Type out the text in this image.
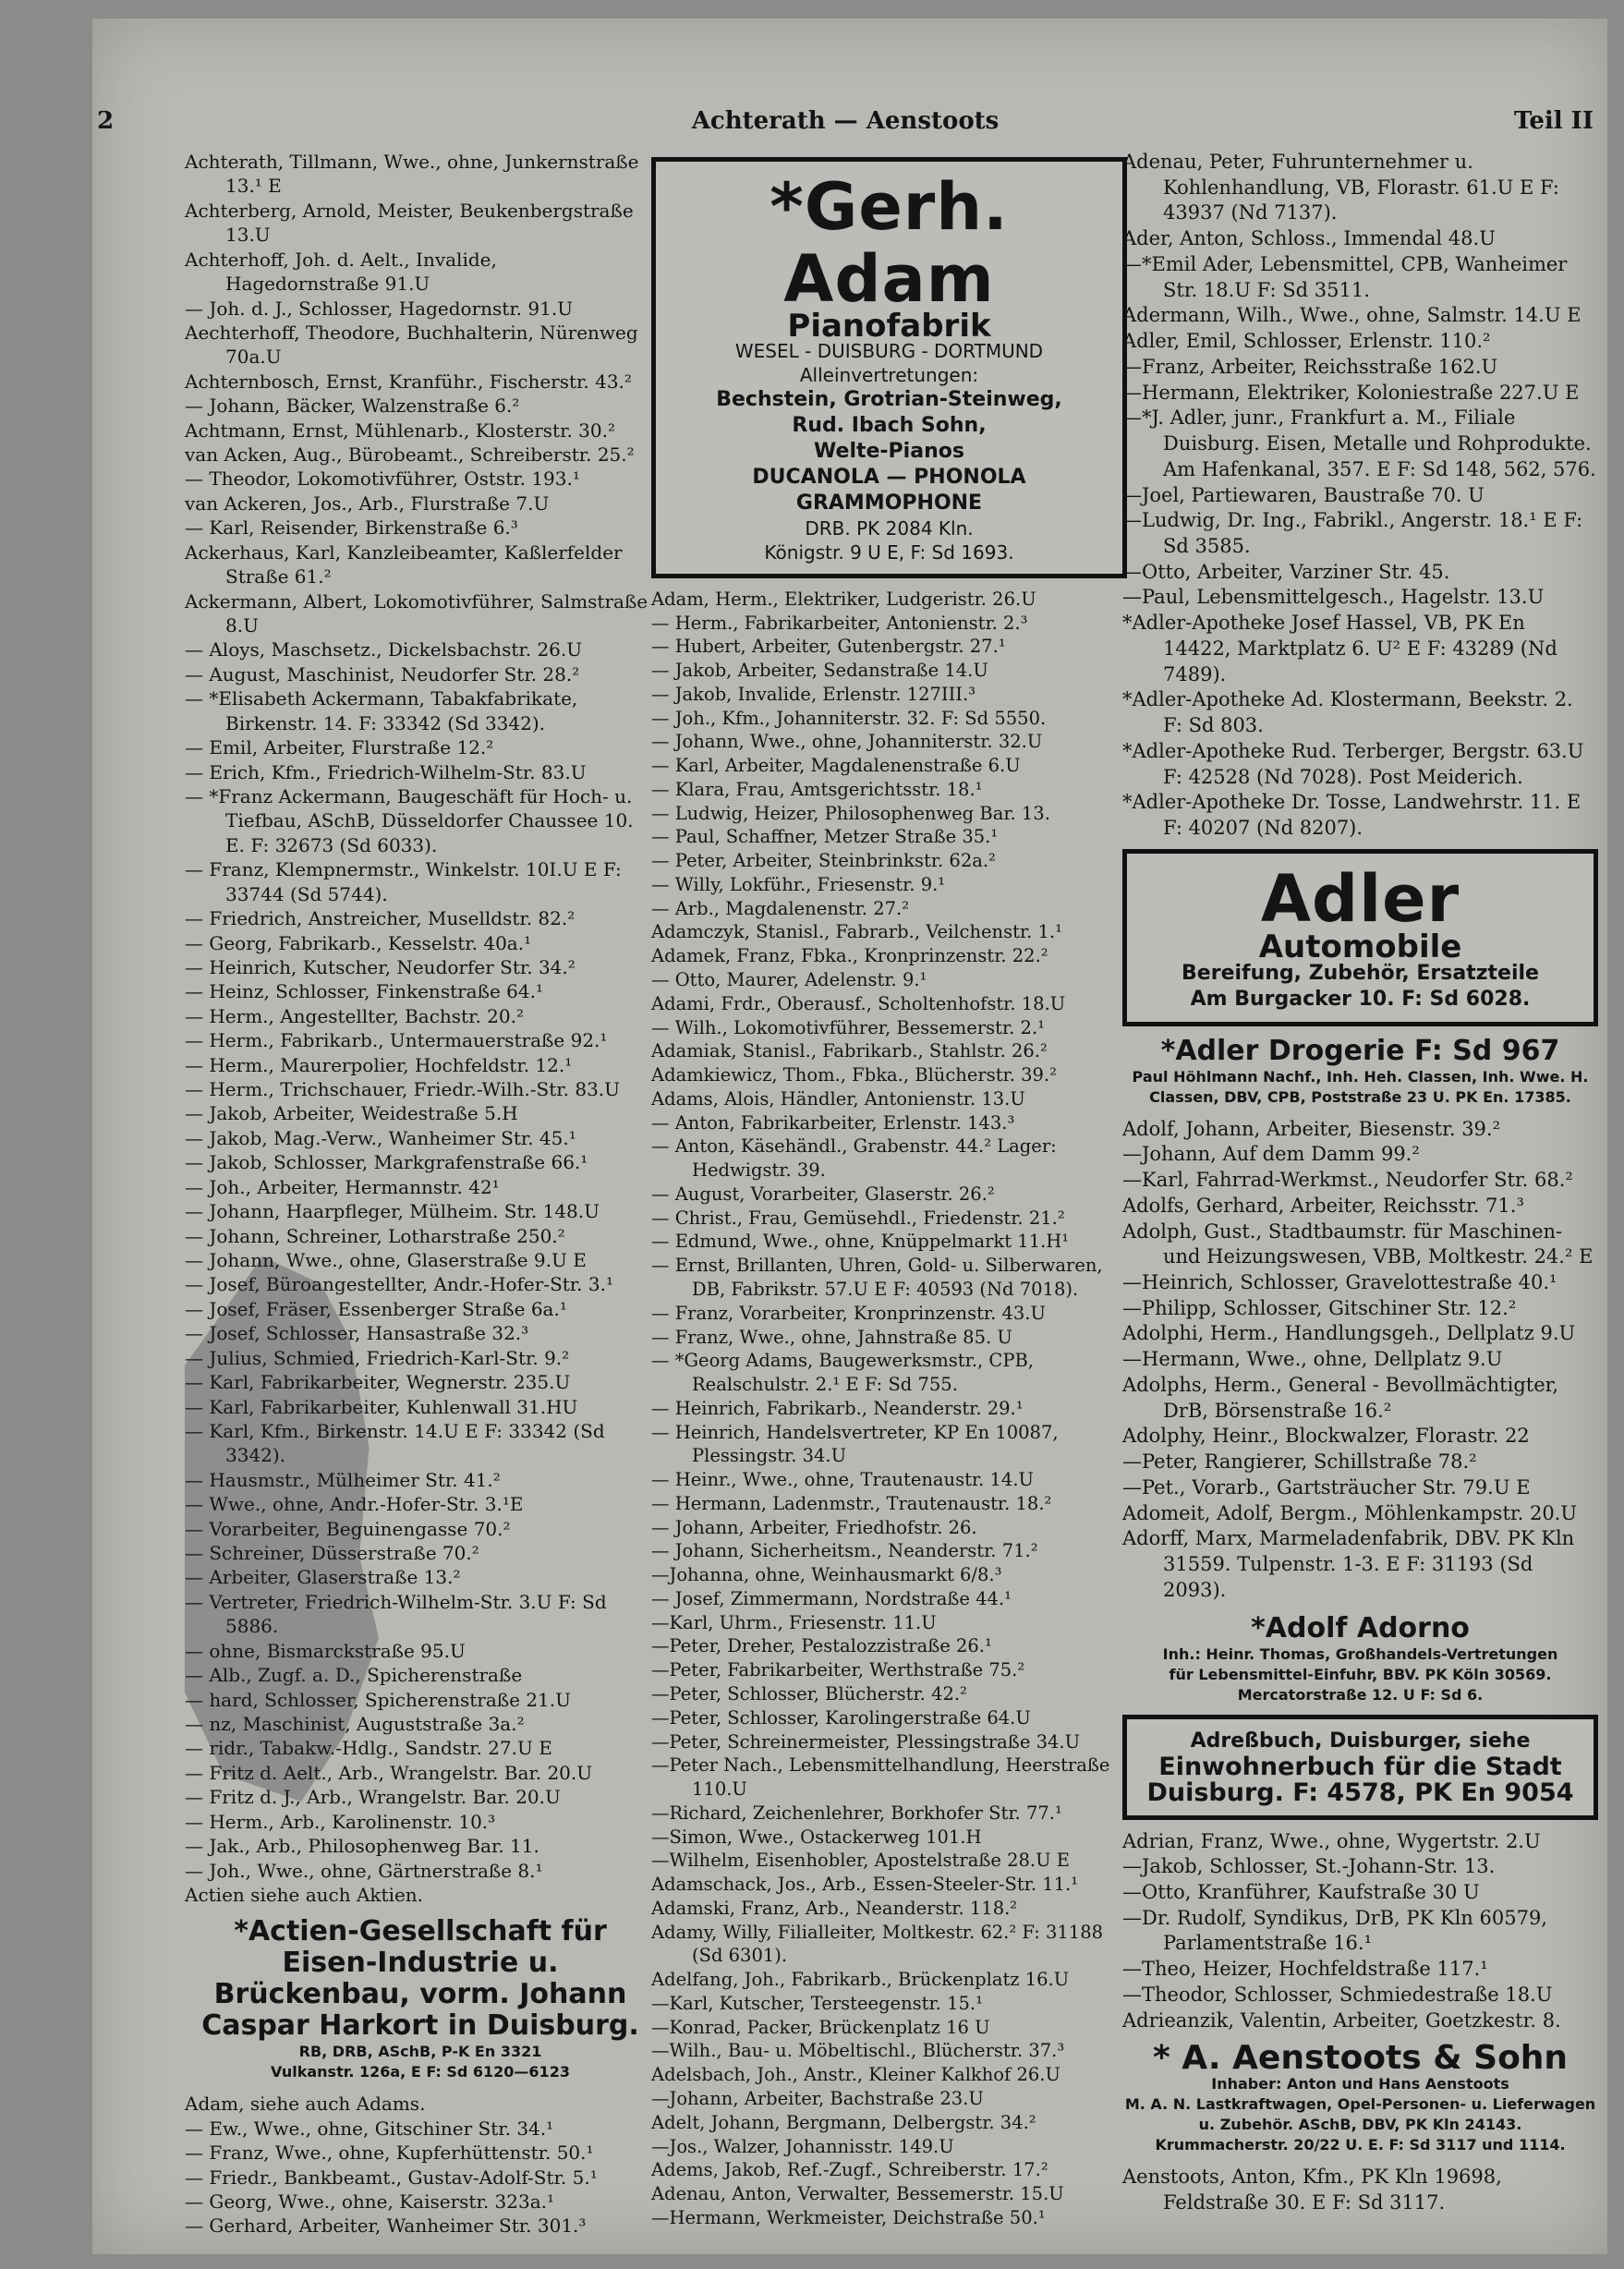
2	Achterath — Aenstoots	Teil II
Achterath, Tillmann, Wwe., ohne, Junkernstraße 13.¹ E
Achterberg, Arnold, Meister, Beukenbergstraße 13.U
Achterhoff, Joh. d. Aelt., Invalide, Hagedornstraße 91.U
— Joh. d. J., Schlosser, Hagedornstr. 91.U
Aechterhoff, Theodore, Buchhalterin, Nürenweg 70a.U
Achternbosch, Ernst, Kranführ., Fischerstr. 43.²
— Johann, Bäcker, Walzenstraße 6.²
Achtmann, Ernst, Mühlenarb., Klosterstr. 30.²
van Acken, Aug., Bürobeamt., Schreiberstr. 25.²
— Theodor, Lokomotivführer, Oststr. 193.¹
van Ackeren, Jos., Arb., Flurstraße 7.U
— Karl, Reisender, Birkenstraße 6.³
Ackerhaus, Karl, Kanzleibeamter, Kaßlerfelder Straße 61.²
Ackermann, Albert, Lokomotivführer, Salmstraße 8.U
— Aloys, Maschsetz., Dickelsbachstr. 26.U
— August, Maschinist, Neudorfer Str. 28.²
— *Elisabeth Ackermann, Tabakfabrikate, Birkenstr. 14. F: 33342 (Sd 3342).
— Emil, Arbeiter, Flurstraße 12.²
— Erich, Kfm., Friedrich-Wilhelm-Str. 83.U
— *Franz Ackermann, Baugeschäft für Hoch- u. Tiefbau, ASchB, Düsseldorfer Chaussee 10. E. F: 32673 (Sd 6033).
— Franz, Klempnermstr., Winkelstr. 10I.U E F: 33744 (Sd 5744).
— Friedrich, Anstreicher, Muselldstr. 82.²
— Georg, Fabrikarb., Kesselstr. 40a.¹
— Heinrich, Kutscher, Neudorfer Str. 34.²
— Heinz, Schlosser, Finkenstraße 64.¹
— Herm., Angestellter, Bachstr. 20.²
— Herm., Fabrikarb., Untermauerstraße 92.¹
— Herm., Maurerpolier, Hochfeldstr. 12.¹
— Herm., Trichschauer, Friedr.-Wilh.-Str. 83.U
— Jakob, Arbeiter, Weidestraße 5.H
— Jakob, Mag.-Verw., Wanheimer Str. 45.¹
— Jakob, Schlosser, Markgrafenstraße 66.¹
— Joh., Arbeiter, Hermannstr. 42¹
— Johann, Haarpfleger, Mülheim. Str. 148.U
— Johann, Schreiner, Lotharstraße 250.²
— Johann, Wwe., ohne, Glaserstraße 9.U E
— Josef, Büroangestellter, Andr.-Hofer-Str. 3.¹
— Josef, Fräser, Essenberger Straße 6a.¹
— Josef, Schlosser, Hansastraße 32.³
— Julius, Schmied, Friedrich-Karl-Str. 9.²
— Karl, Fabrikarbeiter, Wegnerstr. 235.U
— Karl, Fabrikarbeiter, Kuhlenwall 31.HU
— Karl, Kfm., Birkenstr. 14.U E F: 33342 (Sd 3342).
— Hausmstr., Mülheimer Str. 41.²
— Wwe., ohne, Andr.-Hofer-Str. 3.¹E
— Vorarbeiter, Beguinengasse 70.²
— Schreiner, Düsserstraße 70.²
— Arbeiter, Glaserstraße 13.²
— Vertreter, Friedrich-Wilhelm-Str. 3.U F: Sd 5886.
— ohne, Bismarckstraße 95.U
— Alb., Zugf. a. D., Spicherenstraße
— hard, Schlosser, Spicherenstraße 21.U
— nz, Maschinist, Auguststraße 3a.²
— ridr., Tabakw.-Hdlg., Sandstr. 27.U E
— Fritz d. Aelt., Arb., Wrangelstr. Bar. 20.U
— Fritz d. J., Arb., Wrangelstr. Bar. 20.U
— Herm., Arb., Karolinenstr. 10.³
— Jak., Arb., Philosophenweg Bar. 11.
— Joh., Wwe., ohne, Gärtnerstraße 8.¹
Actien siehe auch Aktien.
*Actien-Gesellschaft für Eisen-Industrie u. Brückenbau, vorm. Johann Caspar Harkort in Duisburg.
RB, DRB, ASchB, P-K En 3321
Vulkanstr. 126a, E F: Sd 6120—6123
Adam, siehe auch Adams.
— Ew., Wwe., ohne, Gitschiner Str. 34.¹
— Franz, Wwe., ohne, Kupferhüttenstr. 50.¹
— Friedr., Bankbeamt., Gustav-Adolf-Str. 5.¹
— Georg, Wwe., ohne, Kaiserstr. 323a.¹
— Gerhard, Arbeiter, Wanheimer Str. 301.³
*Gerh. Adam
Pianofabrik
WESEL - DUISBURG - DORTMUND
Alleinvertretungen:
Bechstein, Grotrian-Steinweg,
Rud. Ibach Sohn,
Welte-Pianos
DUCANOLA — PHONOLA
GRAMMOPHONE
DRB. PK 2084 Kln.
Königstr. 9 U E, F: Sd 1693.
Adam, Herm., Elektriker, Ludgeristr. 26.U
— Herm., Fabrikarbeiter, Antonienstr. 2.³
— Hubert, Arbeiter, Gutenbergstr. 27.¹
— Jakob, Arbeiter, Sedanstraße 14.U
— Jakob, Invalide, Erlenstr. 127III.³
— Joh., Kfm., Johanniterstr. 32. F: Sd 5550.
— Johann, Wwe., ohne, Johanniterstr. 32.U
— Karl, Arbeiter, Magdalenenstraße 6.U
— Klara, Frau, Amtsgerichtsstr. 18.¹
— Ludwig, Heizer, Philosophenweg Bar. 13.
— Paul, Schaffner, Metzer Straße 35.¹
— Peter, Arbeiter, Steinbrinkstr. 62a.²
— Willy, Lokführ., Friesenstr. 9.¹
— Arb., Magdalenenstr. 27.²
Adamczyk, Stanisl., Fabrarb., Veilchenstr. 1.¹
Adamek, Franz, Fbka., Kronprinzenstr. 22.²
— Otto, Maurer, Adelenstr. 9.¹
Adami, Frdr., Oberausf., Scholtenhofstr. 18.U
— Wilh., Lokomotivführer, Bessemerstr. 2.¹
Adamiak, Stanisl., Fabrikarb., Stahlstr. 26.²
Adamkiewicz, Thom., Fbka., Blücherstr. 39.²
Adams, Alois, Händler, Antonienstr. 13.U
— Anton, Fabrikarbeiter, Erlenstr. 143.³
— Anton, Käsehändl., Grabenstr. 44.² Lager: Hedwigstr. 39.
— August, Vorarbeiter, Glaserstr. 26.²
— Christ., Frau, Gemüsehdl., Friedenstr. 21.²
— Edmund, Wwe., ohne, Knüppelmarkt 11.H¹
— Ernst, Brillanten, Uhren, Gold- u. Silberwaren, DB, Fabrikstr. 57.U E F: 40593 (Nd 7018).
— Franz, Vorarbeiter, Kronprinzenstr. 43.U
— Franz, Wwe., ohne, Jahnstraße 85. U
— *Georg Adams, Baugewerksmstr., CPB, Realschulstr. 2.¹ E F: Sd 755.
— Heinrich, Fabrikarb., Neanderstr. 29.¹
— Heinrich, Handelsvertreter, KP En 10087, Plessingstr. 34.U
— Heinr., Wwe., ohne, Trautenaustr. 14.U
— Hermann, Ladenmstr., Trautenaustr. 18.²
— Johann, Arbeiter, Friedhofstr. 26.
— Johann, Sicherheitsm., Neanderstr. 71.²
—Johanna, ohne, Weinhausmarkt 6/8.³
— Josef, Zimmermann, Nordstraße 44.¹
—Karl, Uhrm., Friesenstr. 11.U
—Peter, Dreher, Pestalozzistraße 26.¹
—Peter, Fabrikarbeiter, Werthstraße 75.²
—Peter, Schlosser, Blücherstr. 42.²
—Peter, Schlosser, Karolingerstraße 64.U
—Peter, Schreinermeister, Plessingstraße 34.U
—Peter Nach., Lebensmittelhandlung, Heerstraße 110.U
—Richard, Zeichenlehrer, Borkhofer Str. 77.¹
—Simon, Wwe., Ostackerweg 101.H
—Wilhelm, Eisenhobler, Apostelstraße 28.U E
Adamschack, Jos., Arb., Essen-Steeler-Str. 11.¹
Adamski, Franz, Arb., Neanderstr. 118.²
Adamy, Willy, Filialleiter, Moltkestr. 62.² F: 31188 (Sd 6301).
Adelfang, Joh., Fabrikarb., Brückenplatz 16.U
—Karl, Kutscher, Tersteegenstr. 15.¹
—Konrad, Packer, Brückenplatz 16 U
—Wilh., Bau- u. Möbeltischl., Blücherstr. 37.³
Adelsbach, Joh., Anstr., Kleiner Kalkhof 26.U
—Johann, Arbeiter, Bachstraße 23.U
Adelt, Johann, Bergmann, Delbergstr. 34.²
—Jos., Walzer, Johannisstr. 149.U
Adems, Jakob, Ref.-Zugf., Schreiberstr. 17.²
Adenau, Anton, Verwalter, Bessemerstr. 15.U
—Hermann, Werkmeister, Deichstraße 50.¹
Adenau, Peter, Fuhrunternehmer u. Kohlenhandlung, VB, Florastr. 61.U E F: 43937 (Nd 7137).
Ader, Anton, Schloss., Immendal 48.U
—*Emil Ader, Lebensmittel, CPB, Wanheimer Str. 18.U F: Sd 3511.
Adermann, Wilh., Wwe., ohne, Salmstr. 14.U E
Adler, Emil, Schlosser, Erlenstr. 110.²
—Franz, Arbeiter, Reichsstraße 162.U
—Hermann, Elektriker, Koloniestraße 227.U E
—*J. Adler, junr., Frankfurt a. M., Filiale Duisburg. Eisen, Metalle und Rohprodukte. Am Hafenkanal, 357. E F: Sd 148, 562, 576.
—Joel, Partiewaren, Baustraße 70. U
—Ludwig, Dr. Ing., Fabrikl., Angerstr. 18.¹ E F: Sd 3585.
—Otto, Arbeiter, Varziner Str. 45.
—Paul, Lebensmittelgesch., Hagelstr. 13.U
*Adler-Apotheke Josef Hassel, VB, PK En 14422, Marktplatz 6. U² E F: 43289 (Nd 7489).
*Adler-Apotheke Ad. Klostermann, Beekstr. 2. F: Sd 803.
*Adler-Apotheke Rud. Terberger, Bergstr. 63.U F: 42528 (Nd 7028). Post Meiderich.
*Adler-Apotheke Dr. Tosse, Landwehrstr. 11. E F: 40207 (Nd 8207).
Adler
Automobile
Bereifung, Zubehör, Ersatzteile
Am Burgacker 10. F: Sd 6028.
*Adler Drogerie F: Sd 967
Paul Höhlmann Nachf., Inh. Heh. Classen, Inh. Wwe. H.
Classen, DBV, CPB, Poststraße 23 U. PK En. 17385.
Adolf, Johann, Arbeiter, Biesenstr. 39.²
—Johann, Auf dem Damm 99.²
—Karl, Fahrrad-Werkmst., Neudorfer Str. 68.²
Adolfs, Gerhard, Arbeiter, Reichsstr. 71.³
Adolph, Gust., Stadtbaumstr. für Maschinen- und Heizungswesen, VBB, Moltkestr. 24.² E
—Heinrich, Schlosser, Gravelottestraße 40.¹
—Philipp, Schlosser, Gitschiner Str. 12.²
Adolphi, Herm., Handlungsgeh., Dellplatz 9.U
—Hermann, Wwe., ohne, Dellplatz 9.U
Adolphs, Herm., General - Bevollmächtigter, DrB, Börsenstraße 16.²
Adolphy, Heinr., Blockwalzer, Florastr. 22
—Peter, Rangierer, Schillstraße 78.²
—Pet., Vorarb., Gartsträucher Str. 79.U E
Adomeit, Adolf, Bergm., Möhlenkampstr. 20.U
Adorff, Marx, Marmeladenfabrik, DBV. PK Kln 31559. Tulpenstr. 1-3. E F: 31193 (Sd 2093).
*Adolf Adorno
Inh.: Heinr. Thomas, Großhandels-Vertretungen
für Lebensmittel-Einfuhr, BBV. PK Köln 30569.
Mercatorstraße 12. U F: Sd 6.
Adreßbuch, Duisburger, siehe
Einwohnerbuch für die Stadt
Duisburg. F: 4578, PK En 9054
Adrian, Franz, Wwe., ohne, Wygertstr. 2.U
—Jakob, Schlosser, St.-Johann-Str. 13.
—Otto, Kranführer, Kaufstraße 30 U
—Dr. Rudolf, Syndikus, DrB, PK Kln 60579, Parlamentstraße 16.¹
—Theo, Heizer, Hochfeldstraße 117.¹
—Theodor, Schlosser, Schmiedestraße 18.U
Adrieanzik, Valentin, Arbeiter, Goetzkestr. 8.
* A. Aenstoots & Sohn
Inhaber: Anton und Hans Aenstoots
M. A. N. Lastkraftwagen, Opel-Personen- u. Lieferwagen u. Zubehör. ASchB, DBV, PK Kln 24143.
Krummacherstr. 20/22 U. E. F: Sd 3117 und 1114.
Aenstoots, Anton, Kfm., PK Kln 19698, Feldstraße 30. E F: Sd 3117.
